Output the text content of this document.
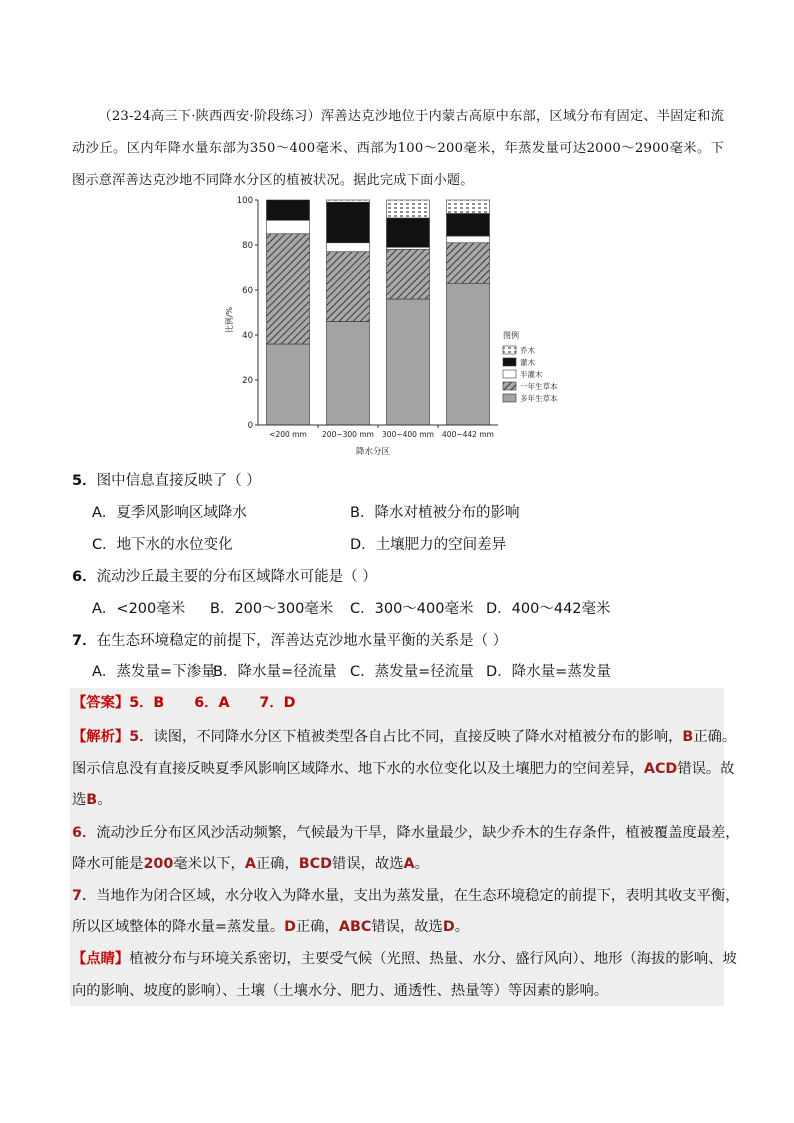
（23-24高三下·陕西西安·阶段练习）浑善达克沙地位于内蒙古高原中东部，区域分布有固定、半固定和流动沙丘。区内年降水量东部为350～400毫米、西部为100～200毫米，年蒸发量可达2000～2900毫米。下图示意浑善达克沙地不同降水分区的植被状况。据此完成下面小题。
0
20
40
60
80
100
<200 mm 200~300 mm 300~400 mm 400~442 mm
比例/%
降水分区
图例
乔木
灌木
半灌木
一年生草本
多年生草本
5．图中信息直接反映了（ ）
A．夏季风影响区域降水	B．降水对植被分布的影响
C．地下水的水位变化	D．土壤肥力的空间差异
6．流动沙丘最主要的分布区域降水可能是（ ）
A．<200毫米 B．200～300毫米 C．300～400毫米 D．400～442毫米
7．在生态环境稳定的前提下，浑善达克沙地水量平衡的关系是（ ）
A．蒸发量=下渗量
B．降水量=径流量 C．蒸发量=径流量 D．降水量=蒸发量
【答案】5．B      6．A      7．D
【解析】5．读图，不同降水分区下植被类型各自占比不同，直接反映了降水对植被分布的影响，B正确。
图示信息没有直接反映夏季风影响区域降水、地下水的水位变化以及土壤肥力的空间差异，ACD错误。故
选B。
6．流动沙丘分布区风沙活动频繁，气候最为干旱，降水量最少，缺少乔木的生存条件，植被覆盖度最差，
降水可能是200毫米以下，A正确，BCD错误，故选A。
7．当地作为闭合区域，水分收入为降水量，支出为蒸发量，在生态环境稳定的前提下，表明其收支平衡，
所以区域整体的降水量=蒸发量。D正确，ABC错误，故选D。
【点睛】植被分布与环境关系密切，主要受气候（光照、热量、水分、盛行风向）、地形（海拔的影响、坡
向的影响、坡度的影响）、土壤（土壤水分、肥力、通透性、热量等）等因素的影响。
